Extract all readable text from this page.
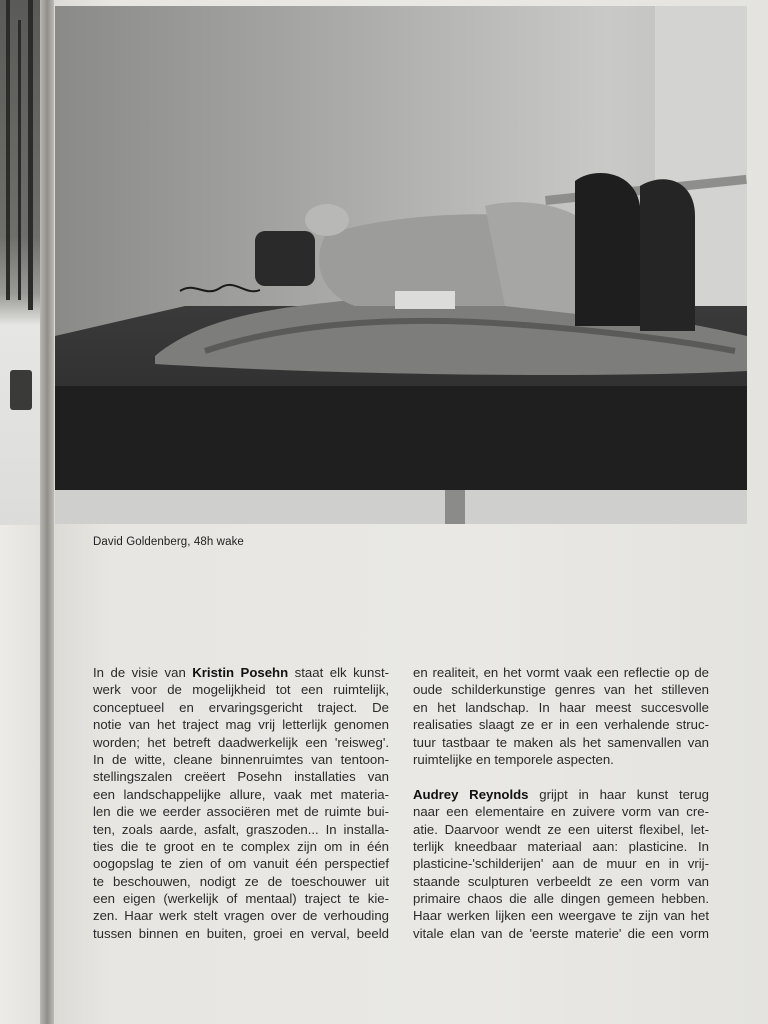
David Goldenberg, 48h wake
In de visie van Kristin Posehn staat elk kunst-
werk voor de mogelijkheid tot een ruimtelijk,
conceptueel en ervaringsgericht traject. De
notie van het traject mag vrij letterlijk genomen
worden; het betreft daadwerkelijk een 'reisweg'.
In de witte, cleane binnenruimtes van tentoon-
stellingszalen creëert Posehn installaties van
een landschappelijke allure, vaak met materia-
len die we eerder associëren met de ruimte bui-
ten, zoals aarde, asfalt, graszoden... In installa-
ties die te groot en te complex zijn om in één
oogopslag te zien of om vanuit één perspectief
te beschouwen, nodigt ze de toeschouwer uit
een eigen (werkelijk of mentaal) traject te kie-
zen. Haar werk stelt vragen over de verhouding
tussen binnen en buiten, groei en verval, beeld
en realiteit, en het vormt vaak een reflectie op de
oude schilderkunstige genres van het stilleven
en het landschap. In haar meest succesvolle
realisaties slaagt ze er in een verhalende struc-
tuur tastbaar te maken als het samenvallen van
ruimtelijke en temporele aspecten.
Audrey Reynolds grijpt in haar kunst terug
naar een elementaire en zuivere vorm van cre-
atie. Daarvoor wendt ze een uiterst flexibel, let-
terlijk kneedbaar materiaal aan: plasticine. In
plasticine-'schilderijen' aan de muur en in vrij-
staande sculpturen verbeeldt ze een vorm van
primaire chaos die alle dingen gemeen hebben.
Haar werken lijken een weergave te zijn van het
vitale elan van de 'eerste materie' die een vorm
